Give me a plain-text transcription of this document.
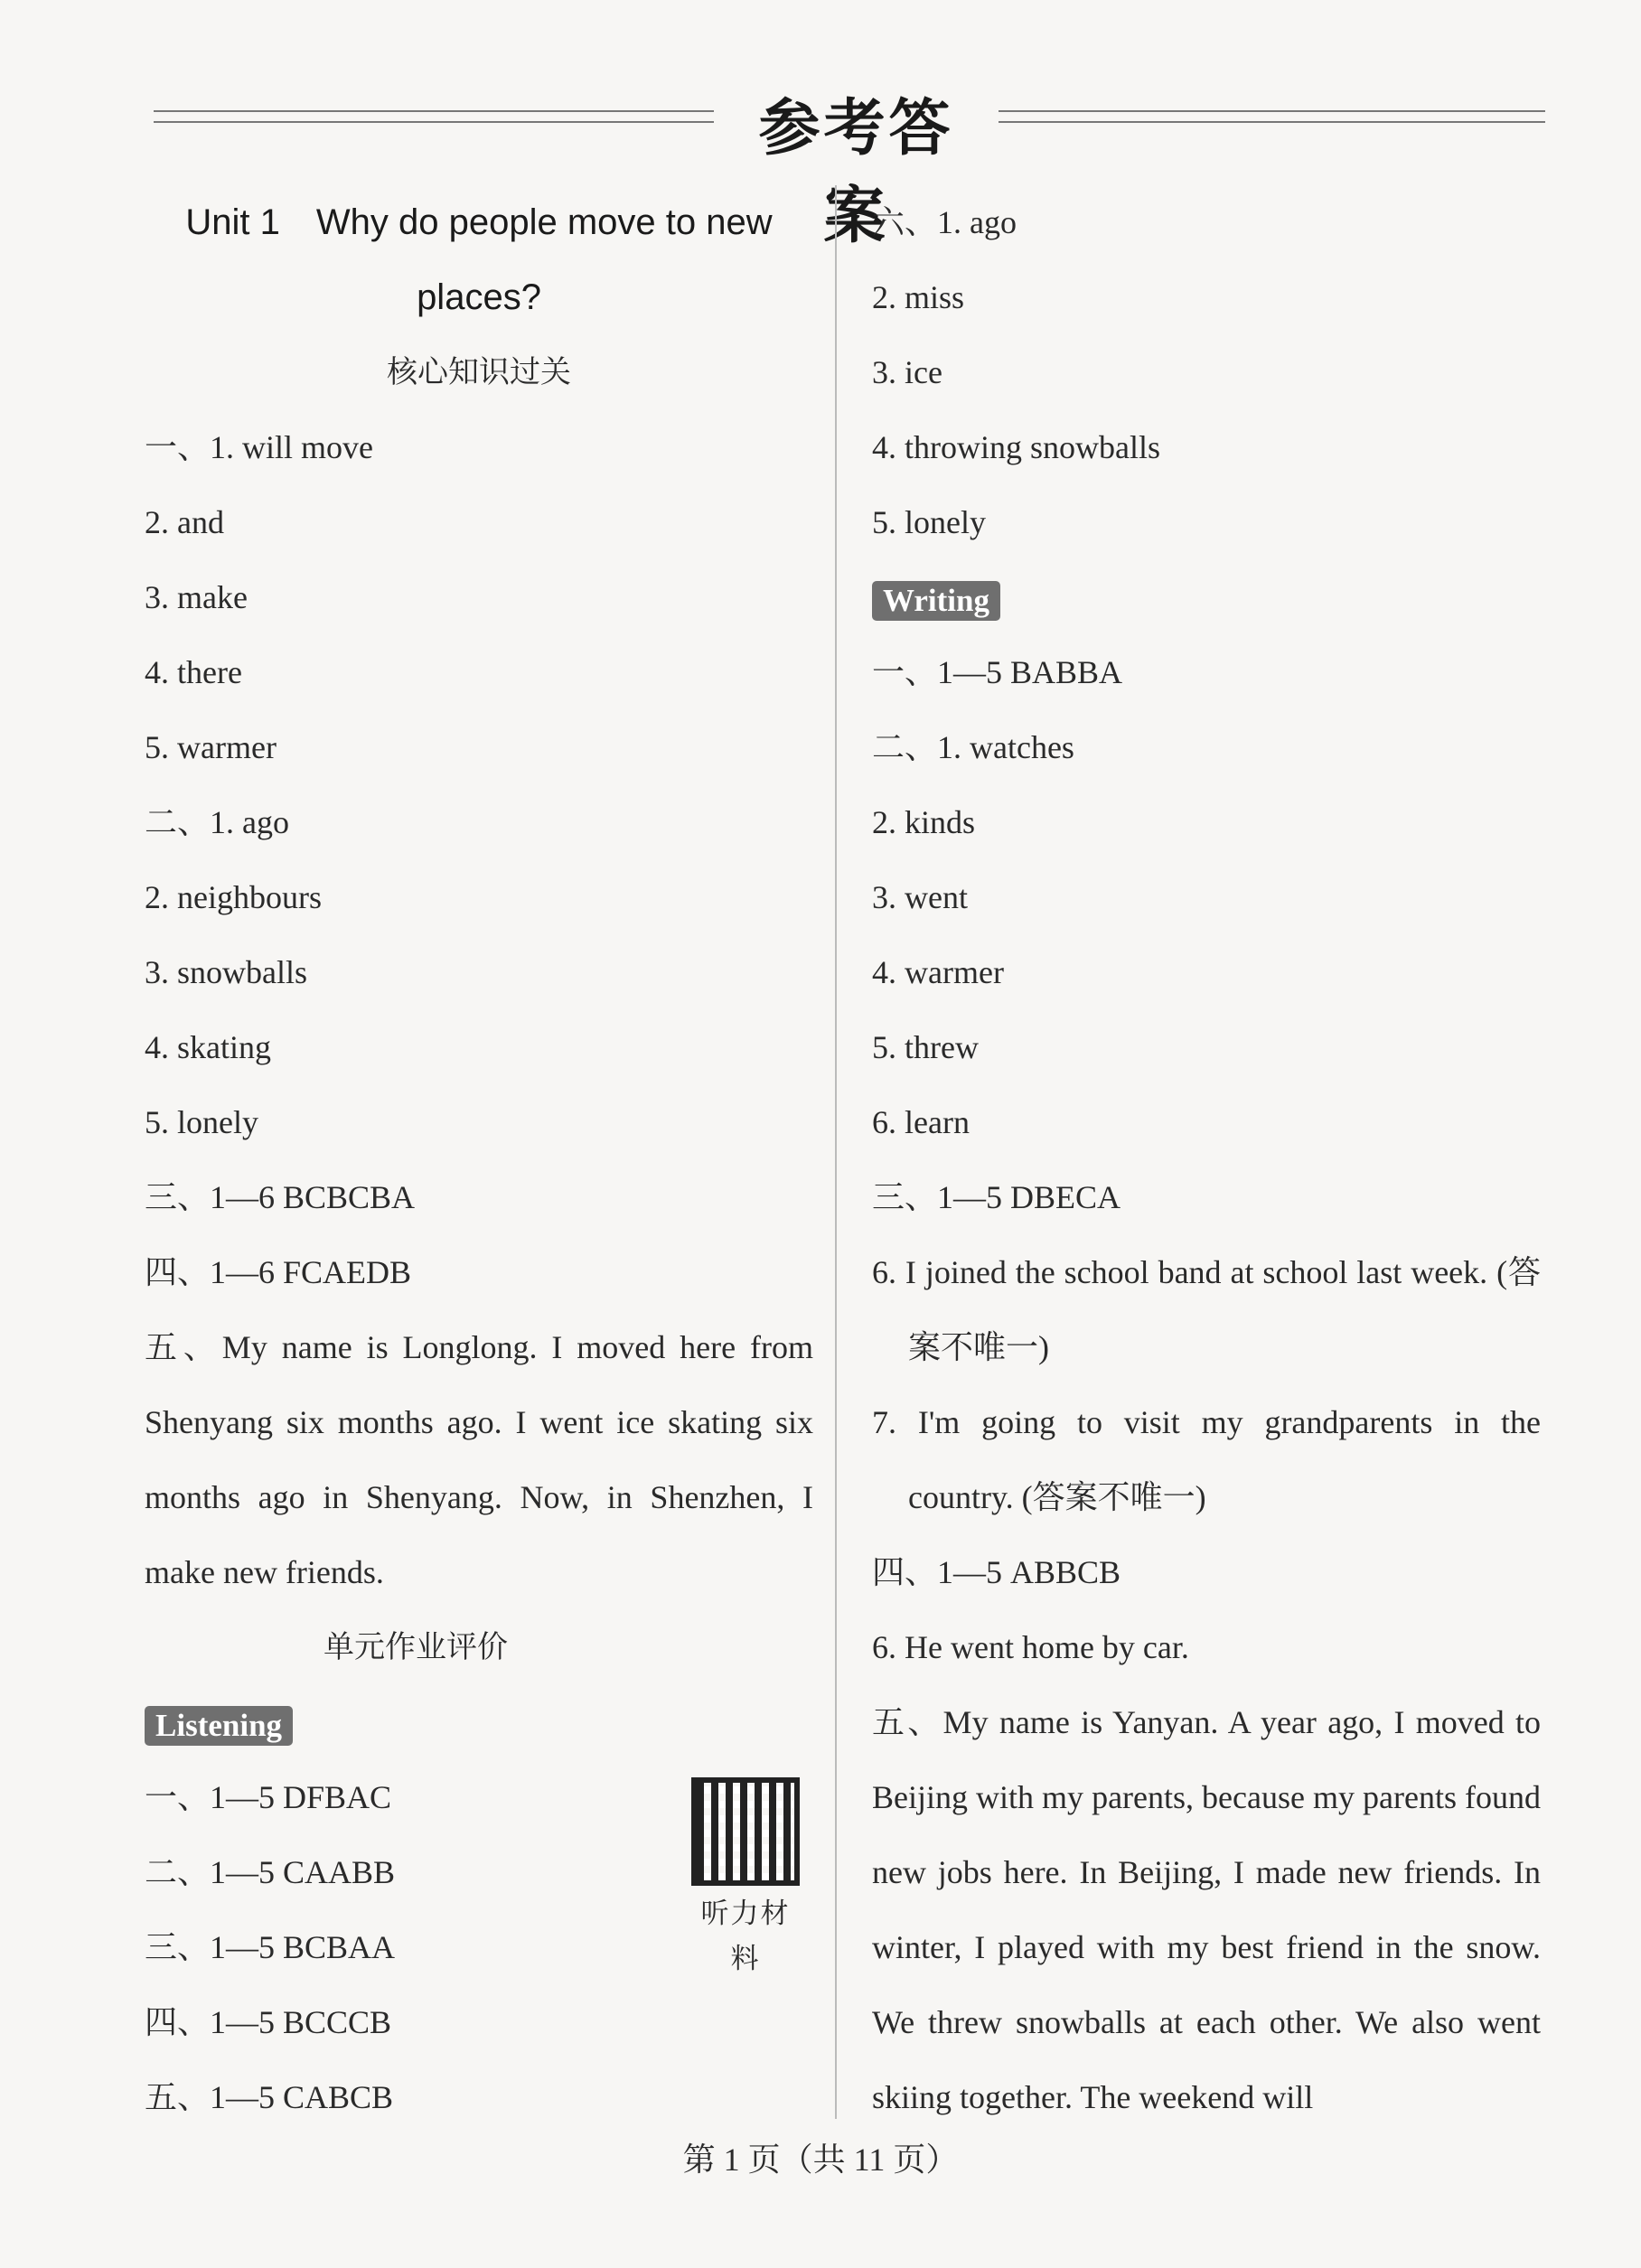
参考答案
Unit 1　Why do people move to new
places?
核心知识过关
一、1. will move
2. and
3. make
4. there
5. warmer
二、1. ago
2. neighbours
3. snowballs
4. skating
5. lonely
三、1—6 BCBCBA
四、1—6 FCAEDB
五、My name is Longlong. I moved here from Shenyang six months ago. I went ice skating six months ago in Shenyang. Now, in Shenzhen, I make new friends.
单元作业评价
Listening
一、1—5 DFBAC
二、1—5 CAABB
三、1—5 BCBAA
四、1—5 BCCCB
五、1—5 CABCB
听力材料
六、1. ago
2. miss
3. ice
4. throwing snowballs
5. lonely
Writing
一、1—5 BABBA
二、1. watches
2. kinds
3. went
4. warmer
5. threw
6. learn
三、1—5 DBECA
6. I joined the school band at school last week. (答案不唯一)
7. I'm going to visit my grandparents in the country. (答案不唯一)
四、1—5 ABBCB
6. He went home by car.
五、My name is Yanyan. A year ago, I moved to Beijing with my parents, because my parents found new jobs here. In Beijing, I made new friends. In winter, I played with my best friend in the snow. We threw snowballs at each other. We also went skiing together. The weekend will
第 1 页（共 11 页）
